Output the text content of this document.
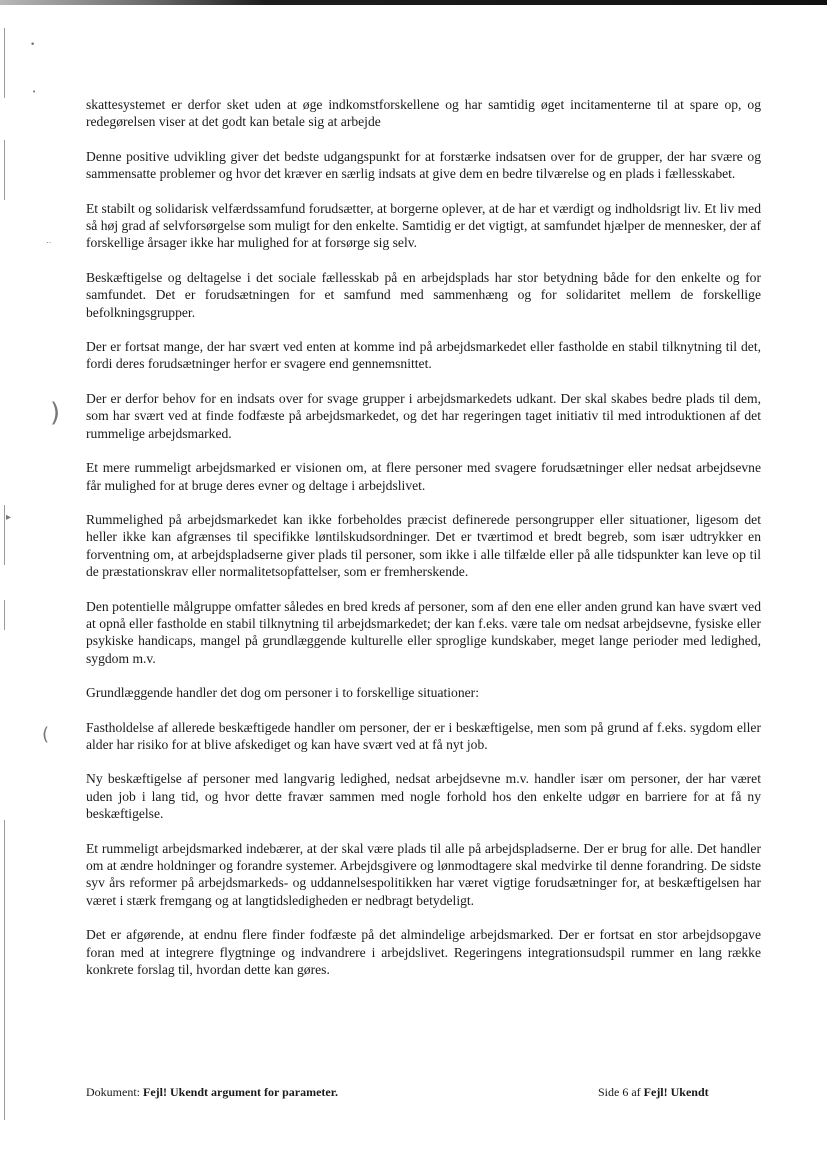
•
•
‥
)
▸
(

skattesystemet er derfor sket uden at øge indkomstforskellene og har samtidig øget incitamenterne til at spare op, og redegørelsen viser at det godt kan betale sig at arbejde

Denne positive udvikling giver det bedste udgangspunkt for at forstærke indsatsen over for de grupper, der har svære og sammensatte problemer og hvor det kræver en særlig indsats at give dem en bedre tilværelse og en plads i fællesskabet.

Et stabilt og solidarisk velfærdssamfund forudsætter, at borgerne oplever, at de har et værdigt og indholdsrigt liv. Et liv med så høj grad af selvforsørgelse som muligt for den enkelte. Samtidig er det vigtigt, at samfundet hjælper de mennesker, der af forskellige årsager ikke har mulighed for at forsørge sig selv.

Beskæftigelse og deltagelse i det sociale fællesskab på en arbejdsplads har stor betydning både for den enkelte og for samfundet. Det er forudsætningen for et samfund med sammenhæng og for solidaritet mellem de forskellige befolkningsgrupper.

Der er fortsat mange, der har svært ved enten at komme ind på arbejdsmarkedet eller fastholde en stabil tilknytning til det, fordi deres forudsætninger herfor er svagere end gennemsnittet.

Der er derfor behov for en indsats over for svage grupper i arbejdsmarkedets udkant. Der skal skabes bedre plads til dem, som har svært ved at finde fodfæste på arbejdsmarkedet, og det har regeringen taget initiativ til med introduktionen af det rummelige arbejdsmarked.

Et mere rummeligt arbejdsmarked er visionen om, at flere personer med svagere forudsætninger eller nedsat arbejdsevne får mulighed for at bruge deres evner og deltage i arbejdslivet.

Rummelighed på arbejdsmarkedet kan ikke forbeholdes præcist definerede persongrupper eller situationer, ligesom det heller ikke kan afgrænses til specifikke løntilskudsordninger. Det er tværtimod et bredt begreb, som især udtrykker en forventning om, at arbejdspladserne giver plads til personer, som ikke i alle tilfælde eller på alle tidspunkter kan leve op til de præstationskrav eller normalitetsopfattelser, som er fremherskende.

Den potentielle målgruppe omfatter således en bred kreds af personer, som af den ene eller anden grund kan have svært ved at opnå eller fastholde en stabil tilknytning til arbejdsmarkedet; der kan f.eks. være tale om nedsat arbejdsevne, fysiske eller psykiske handicaps, mangel på grundlæggende kulturelle eller sproglige kundskaber, meget lange perioder med ledighed, sygdom m.v.

Grundlæggende handler det dog om personer i to forskellige situationer:

Fastholdelse af allerede beskæftigede handler om personer, der er i beskæftigelse, men som på grund af f.eks. sygdom eller alder har risiko for at blive afskediget og kan have svært ved at få nyt job.

Ny beskæftigelse af personer med langvarig ledighed, nedsat arbejdsevne m.v. handler især om personer, der har været uden job i lang tid, og hvor dette fravær sammen med nogle forhold hos den enkelte udgør en barriere for at få ny beskæftigelse.

Et rummeligt arbejdsmarked indebærer, at der skal være plads til alle på arbejdspladserne. Der er brug for alle. Det handler om at ændre holdninger og forandre systemer. Arbejdsgivere og lønmodtagere skal medvirke til denne forandring. De sidste syv års reformer på arbejdsmarkeds- og uddannelsespolitikken har været vigtige forudsætninger for, at beskæftigelsen har været i stærk fremgang og at langtidsledigheden er nedbragt betydeligt.

Det er afgørende, at endnu flere finder fodfæste på det almindelige arbejdsmarked. Der er fortsat en stor arbejdsopgave foran med at integrere flygtninge og indvandrere i arbejdslivet. Regeringens integrationsudspil rummer en lang række konkrete forslag til, hvordan dette kan gøres.

Dokument: Fejl! Ukendt argument for parameter.	Side 6 af Fejl! Ukendt
